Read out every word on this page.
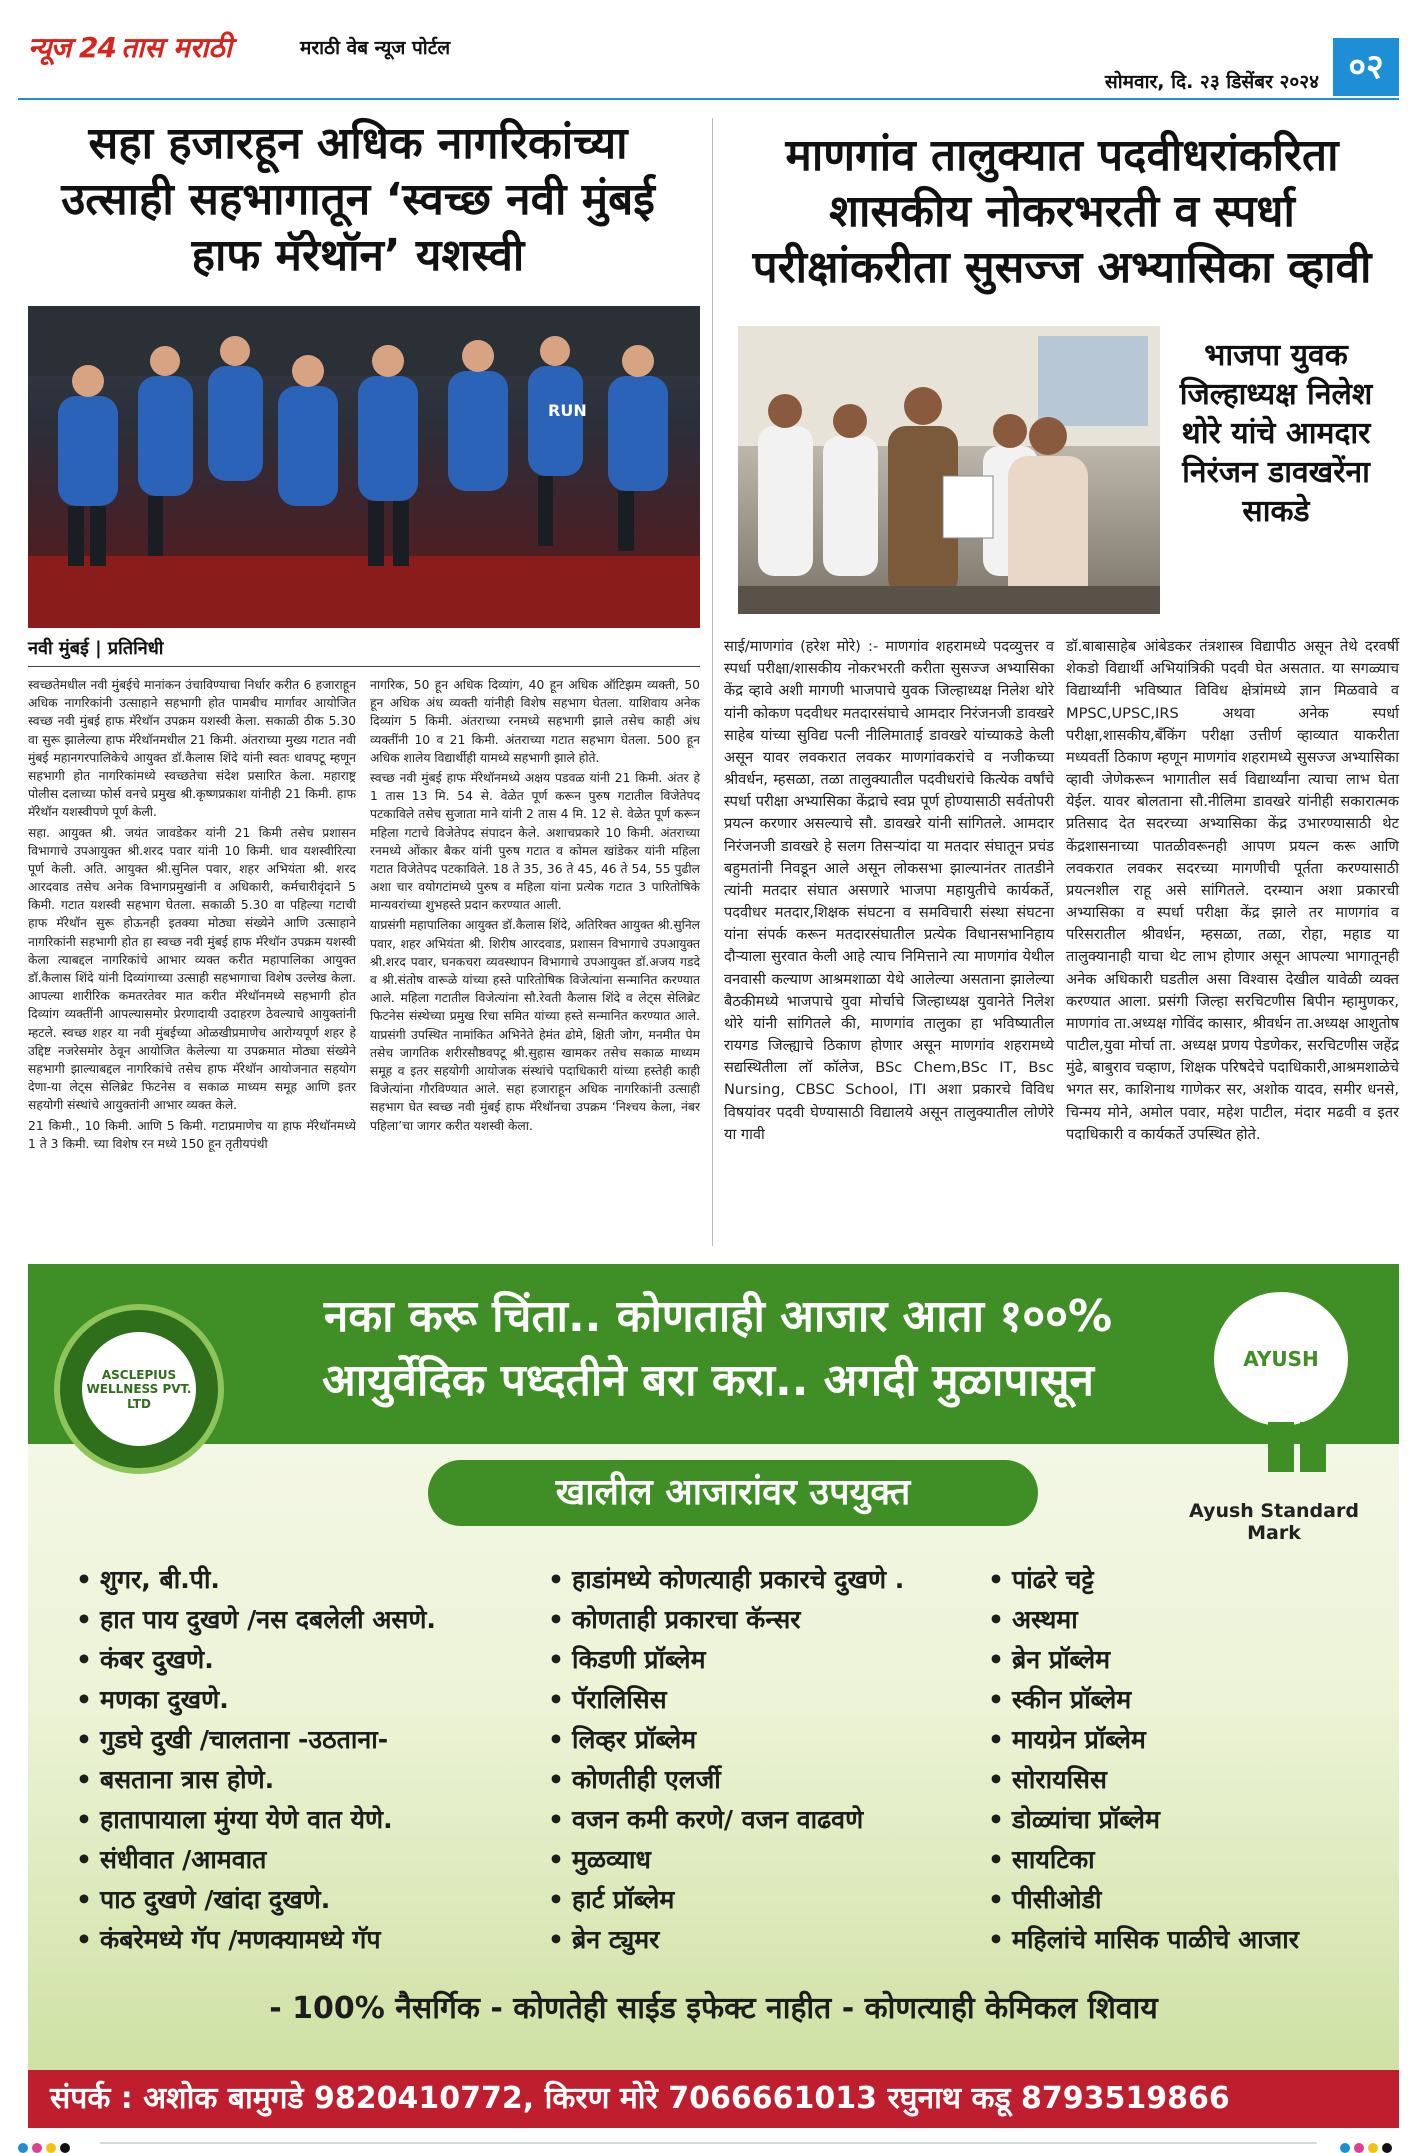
न्यूज 24 तास मराठी	मराठी वेब न्यूज पोर्टल
सोमवार, दि. २३ डिसेंबर २०२४ ०२
सहा हजारहून अधिक नागरिकांच्या उत्साही सहभागातून ‘स्वच्छ नवी मुंबई हाफ मॅरेथॉन’ यशस्वी
माणगांव तालुक्यात पदवीधरांकरिता शासकीय नोकरभरती व स्पर्धा परीक्षांकरीता सुसज्ज अभ्यासिका व्हावी
RUN
भाजपा युवक जिल्हाध्यक्ष निलेश थोरे यांचे आमदार निरंजन डावखरेंना साकडे
नवी मुंबई | प्रतिनिधी

स्वच्छतेमधील नवी मुंबईचे मानांकन उंचाविण्याचा निर्धार करीत 6 हजाराहून अधिक नागरिकांनी उत्साहाने सहभागी होत पामबीच मार्गावर आयोजित स्वच्छ नवी मुंबई हाफ मॅरेथॉन उपक्रम यशस्वी केला. सकाळी ठीक 5.30 वा सुरू झालेल्या हाफ मॅरेथॉनमधील 21 किमी. अंतराच्या मुख्य गटात नवी मुंबई महानगरपालिकेचे आयुक्त डॉ.कैलास शिंदे यांनी स्वतः धावपटू म्हणून सहभागी होत नागरिकांमध्ये स्वच्छतेचा संदेश प्रसारित केला. महाराष्ट्र पोलीस दलाच्या फोर्स वनचे प्रमुख श्री.कृष्णप्रकाश यांनीही 21 किमी. हाफ मॅरेथॉन यशस्वीपणे पूर्ण केली.

सहा. आयुक्त श्री. जयंत जावडेकर यांनी 21 किमी तसेच प्रशासन विभागाचे उपआयुक्त श्री.शरद पवार यांनी 10 किमी. धाव यशस्वीरित्या पूर्ण केली. अति. आयुक्त श्री.सुनिल पवार, शहर अभियंता श्री. शरद आरदवाड तसेच अनेक विभागप्रमुखांनी व अधिकारी, कर्मचारीवृंदाने 5 किमी. गटात यशस्वी सहभाग घेतला. सकाळी 5.30 वा पहिल्या गटाची हाफ मॅरेथॉन सुरू होऊनही इतक्या मोठ्या संख्येने आणि उत्साहाने नागरिकांनी सहभागी होत हा स्वच्छ नवी मुंबई हाफ मॅरेथॉन उपक्रम यशस्वी केला त्याबद्दल नागरिकांचे आभार व्यक्त करीत महापालिका आयुक्त डॉ.कैलास शिंदे यांनी दिव्यांगाच्या उत्साही सहभागाचा विशेष उल्लेख केला. आपल्या शारीरिक कमतरतेवर मात करीत मॅरेथॉनमध्ये सहभागी होत दिव्यांग व्यक्तींनी आपल्यासमोर प्रेरणादायी उदाहरण ठेवल्याचे आयुक्तांनी म्हटले. स्वच्छ शहर या नवी मुंबईच्या ओळखीप्रमाणेच आरोग्यपूर्ण शहर हे उद्दिष्ट नजरेसमोर ठेवून आयोजित केलेल्या या उपक्रमात मोठ्या संख्येने सहभागी झाल्याबद्दल नागरिकांचे तसेच हाफ मॅरेथॉन आयोजनात सहयोग देणा-या लेट्स सेलिब्रेट फिटनेस व सकाळ माध्यम समूह आणि इतर सहयोगी संस्थांचे आयुक्तांनी आभार व्यक्त केले.

21 किमी., 10 किमी. आणि 5 किमी. गटाप्रमाणेच या हाफ मॅरेथॉनमध्ये 1 ते 3 किमी. च्या विशेष रन मध्ये 150 हून तृतीयपंथी

नागरिक, 50 हून अधिक दिव्यांग, 40 हून अधिक ऑटिझम व्यक्ती, 50 हून अधिक अंध व्यक्ती यांनीही विशेष सहभाग घेतला. याशिवाय अनेक दिव्यांग 5 किमी. अंतराच्या रनमध्ये सहभागी झाले तसेच काही अंध व्यक्तींनी 10 व 21 किमी. अंतराच्या गटात सहभाग घेतला. 500 हून अधिक शालेय विद्यार्थीही यामध्ये सहभागी झाले होते.

स्वच्छ नवी मुंबई हाफ मॅरेथॉनमध्ये अक्षय पडवळ यांनी 21 किमी. अंतर हे 1 तास 13 मि. 54 से. वेळेत पूर्ण करून पुरुष गटातील विजेतेपद पटकाविले तसेच सुजाता माने यांनी 2 तास 4 मि. 12 से. वेळेत पूर्ण करून महिला गटाचे विजेतेपद संपादन केले. अशाचप्रकारे 10 किमी. अंतराच्या रनमध्ये ओंकार बैकर यांनी पुरुष गटात व कोमल खांडेकर यांनी महिला गटात विजेतेपद पटकाविले. 18 ते 35, 36 ते 45, 46 ते 54, 55 पुढील अशा चार वयोगटांमध्ये पुरुष व महिला यांना प्रत्येक गटात 3 पारितोषिके मान्यवरांच्या शुभहस्ते प्रदान करण्यात आली.

याप्रसंगी महापालिका आयुक्त डॉ.कैलास शिंदे, अतिरिक्त आयुक्त श्री.सुनिल पवार, शहर अभियंता श्री. शिरीष आरदवाड, प्रशासन विभागाचे उपआयुक्त श्री.शरद पवार, घनकचरा व्यवस्थापन विभागाचे उपआयुक्त डॉ.अजय गडदे व श्री.संतोष वारूळे यांच्या हस्ते पारितोषिक विजेत्यांना सन्मानित करण्यात आले. महिला गटातील विजेत्यांना सौ.रेवती कैलास शिंदे व लेट्स सेलिब्रेट फिटनेस संस्थेच्या प्रमुख रिचा समित यांच्या हस्ते सन्मानित करण्यात आले. याप्रसंगी उपस्थित नामांकित अभिनेते हेमंत ढोमे, क्षिती जोग, मनमीत पेम तसेच जागतिक शरीरसौष्ठवपटू श्री.सुहास खामकर तसेच सकाळ माध्यम समूह व इतर सहयोगी आयोजक संस्थांचे पदाधिकारी यांच्या हस्तेही काही विजेत्यांना गौरविण्यात आले. सहा हजाराहून अधिक नागरिकांनी उत्साही सहभाग घेत स्वच्छ नवी मुंबई हाफ मॅरेथॉनचा उपक्रम ‘निश्चय केला, नंबर पहिला’चा जागर करीत यशस्वी केला.

साई/माणगांव (हरेश मोरे) :- माणगांव शहरामध्ये पदव्युत्तर व स्पर्धा परीक्षा/शासकीय नोकरभरती करीता सुसज्ज अभ्यासिका केंद्र व्हावे अशी मागणी भाजपाचे युवक जिल्हाध्यक्ष निलेश थोरे यांनी कोकण पदवीधर मतदारसंघाचे आमदार निरंजनजी डावखरे साहेब यांच्या सुविद्य पत्नी नीलिमाताई डावखरे यांच्याकडे केली असून यावर लवकरात लवकर माणगांवकरांचे व नजीकच्या श्रीवर्धन, म्हसळा, तळा तालुक्यातील पदवीधरांचे कित्येक वर्षांचे स्पर्धा परीक्षा अभ्यासिका केंद्राचे स्वप्न पूर्ण होण्यासाठी सर्वतोपरी प्रयत्न करणार असल्याचे सौ. डावखरे यांनी सांगितले. आमदार निरंजनजी डावखरे हे सलग तिसऱ्यांदा या मतदार संघातून प्रचंड बहुमतांनी निवडून आले असून लोकसभा झाल्यानंतर तातडीने त्यांनी मतदार संघात असणारे भाजपा महायुतीचे कार्यकर्ते, पदवीधर मतदार,शिक्षक संघटना व समविचारी संस्था संघटना यांना संपर्क करून मतदारसंघातील प्रत्येक विधानसभानिहाय दौऱ्याला सुरवात केली आहे त्याच निमित्ताने त्या माणगांव येथील वनवासी कल्याण आश्रमशाळा येथे आलेल्या असताना झालेल्या बैठकीमध्ये भाजपाचे युवा मोर्चाचे जिल्हाध्यक्ष युवानेते निलेश थोरे यांनी सांगितले की, माणगांव तालुका हा भविष्यातील रायगड जिल्ह्याचे ठिकाण होणार असून माणगांव शहरामध्ये सद्यस्थितीला लॉ कॉलेज, BSc Chem,BSc IT, Bsc Nursing, CBSC School, ITI अशा प्रकारचे विविध विषयांवर पदवी घेण्यासाठी विद्यालये असून तालुक्यातील लोणेरे या गावी
डॉ.बाबासाहेब आंबेडकर तंत्रशास्त्र विद्यापीठ असून तेथे दरवर्षी शेकडो विद्यार्थी अभियांत्रिकी पदवी घेत असतात. या सगळ्याच विद्यार्थ्यांनी भविष्यात विविध क्षेत्रांमध्ये ज्ञान मिळवावे व MPSC,UPSC,IRS अथवा अनेक स्पर्धा परीक्षा,शासकीय,बँकिंग परीक्षा उत्तीर्ण व्हाव्यात याकरीता मध्यवर्ती ठिकाण म्हणून माणगांव शहरामध्ये सुसज्ज अभ्यासिका व्हावी जेणेकरून भागातील सर्व विद्यार्थ्यांना त्याचा लाभ घेता येईल. यावर बोलताना सौ.नीलिमा डावखरे यांनीही सकारात्मक प्रतिसाद देत सदरच्या अभ्यासिका केंद्र उभारण्यासाठी थेट केंद्रशासनाच्या पातळीवरूनही आपण प्रयत्न करू आणि लवकरात लवकर सदरच्या मागणीची पूर्तता करण्यासाठी प्रयत्नशील राहू असे सांगितले. दरम्यान अशा प्रकारची अभ्यासिका व स्पर्धा परीक्षा केंद्र झाले तर माणगांव व परिसरातील श्रीवर्धन, म्हसळा, तळा, रोहा, महाड या तालुक्यानाही याचा थेट लाभ होणार असून आपल्या भागातूनही अनेक अधिकारी घडतील असा विश्वास देखील यावेळी व्यक्त करण्यात आला. प्रसंगी जिल्हा सरचिटणीस बिपीन म्हामुणकर, माणगांव ता.अध्यक्ष गोविंद कासार, श्रीवर्धन ता.अध्यक्ष आशुतोष पाटील,युवा मोर्चा ता. अध्यक्ष प्रणय पेडणेकर, सरचिटणीस जहेंद्र मुंढे, बाबुराव चव्हाण, शिक्षक परिषदेचे पदाधिकारी,आश्रमशाळेचे भगत सर, काशिनाथ गाणेकर सर, अशोक यादव, समीर धनसे, चिन्मय मोने, अमोल पवार, महेश पाटील, मंदार मढवी व इतर पदाधिकारी व कार्यकर्ते उपस्थित होते.
नका करू चिंता.. कोणताही आजार आता १००%
आयुर्वेदिक पध्दतीने बरा करा.. अगदी मुळापासून
ASCLEPIUS WELLNESS PVT. LTD
AYUSH
Ayush Standard Mark
खालील आजारांवर उपयुक्त
• शुगर, बी.पी.
• हात पाय दुखणे /नस दबलेली असणे.
• कंबर दुखणे.
• मणका दुखणे.
• गुडघे दुखी /चालताना -उठताना-
• बसताना त्रास होणे.
• हातापायाला मुंग्या येणे वात येणे.
• संधीवात /आमवात
• पाठ दुखणे /खांदा दुखणे.
• कंबरेमध्ये गॅप /मणक्यामध्ये गॅप
• हाडांमध्ये कोणत्याही प्रकारचे दुखणे .
• कोणताही प्रकारचा कॅन्सर
• किडणी प्रॉब्लेम
• पॅरालिसिस
• लिव्हर प्रॉब्लेम
• कोणतीही एलर्जी
• वजन कमी करणे/ वजन वाढवणे
• मुळव्याध
• हार्ट प्रॉब्लेम
• ब्रेन ट्युमर
• पांढरे चट्टे
• अस्थमा
• ब्रेन प्रॉब्लेम
• स्कीन प्रॉब्लेम
• मायग्रेन प्रॉब्लेम
• सोरायसिस
• डोळ्यांचा प्रॉब्लेम
• सायटिका
• पीसीओडी
• महिलांचे मासिक पाळीचे आजार
- 100% नैसर्गिक - कोणतेही साईड इफेक्ट नाहीत - कोणत्याही केमिकल शिवाय
संपर्क : अशोक बामुगडे 9820410772, किरण मोरे 7066661013 रघुनाथ कडू 8793519866
